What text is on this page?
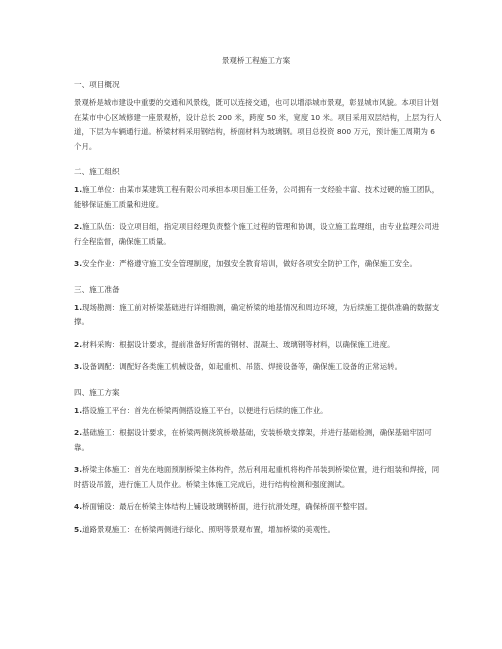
景观桥工程施工方案
一、项目概况

景观桥是城市建设中重要的交通和风景线，既可以连接交通，也可以增添城市景观，彰显城市风貌。本项目计划在某市中心区域修建一座景观桥，设计总长 200 米，跨度 50 米，宽度 10 米。项目采用双层结构，上层为行人道，下层为车辆通行道。桥梁材料采用钢结构，桥面材料为玻璃钢。项目总投资 800 万元，预计施工周期为 6 个月。

二、施工组织

1.施工单位：由某市某建筑工程有限公司承担本项目施工任务，公司拥有一支经验丰富、技术过硬的施工团队，能够保证施工质量和进度。

2.施工队伍：设立项目组，指定项目经理负责整个施工过程的管理和协调，设立施工监理组，由专业监理公司进行全程监督，确保施工质量。

3.安全作业：严格遵守施工安全管理制度，加强安全教育培训，做好各项安全防护工作，确保施工安全。

三、施工准备

1.现场勘测：施工前对桥梁基础进行详细勘测，确定桥梁的地基情况和周边环境，为后续施工提供准确的数据支撑。

2.材料采购：根据设计要求，提前准备好所需的钢材、混凝土、玻璃钢等材料，以确保施工进度。

3.设备调配：调配好各类施工机械设备，如起重机、吊篮、焊接设备等，确保施工设备的正常运转。

四、施工方案

1.搭设施工平台：首先在桥梁两侧搭设施工平台，以便进行后续的施工作业。

2.基础施工：根据设计要求，在桥梁两侧浇筑桥墩基础，安装桥墩支撑架，并进行基础检测，确保基础牢固可靠。

3.桥梁主体施工：首先在地面预制桥梁主体构件，然后利用起重机将构件吊装到桥梁位置，进行组装和焊接，同时搭设吊篮，进行施工人员作业。桥梁主体施工完成后，进行结构检测和强度测试。

4.桥面铺设：最后在桥梁主体结构上铺设玻璃钢桥面，进行抗滑处理，确保桥面平整牢固。

5.道路景观施工：在桥梁两侧进行绿化、照明等景观布置，增加桥梁的美观性。
